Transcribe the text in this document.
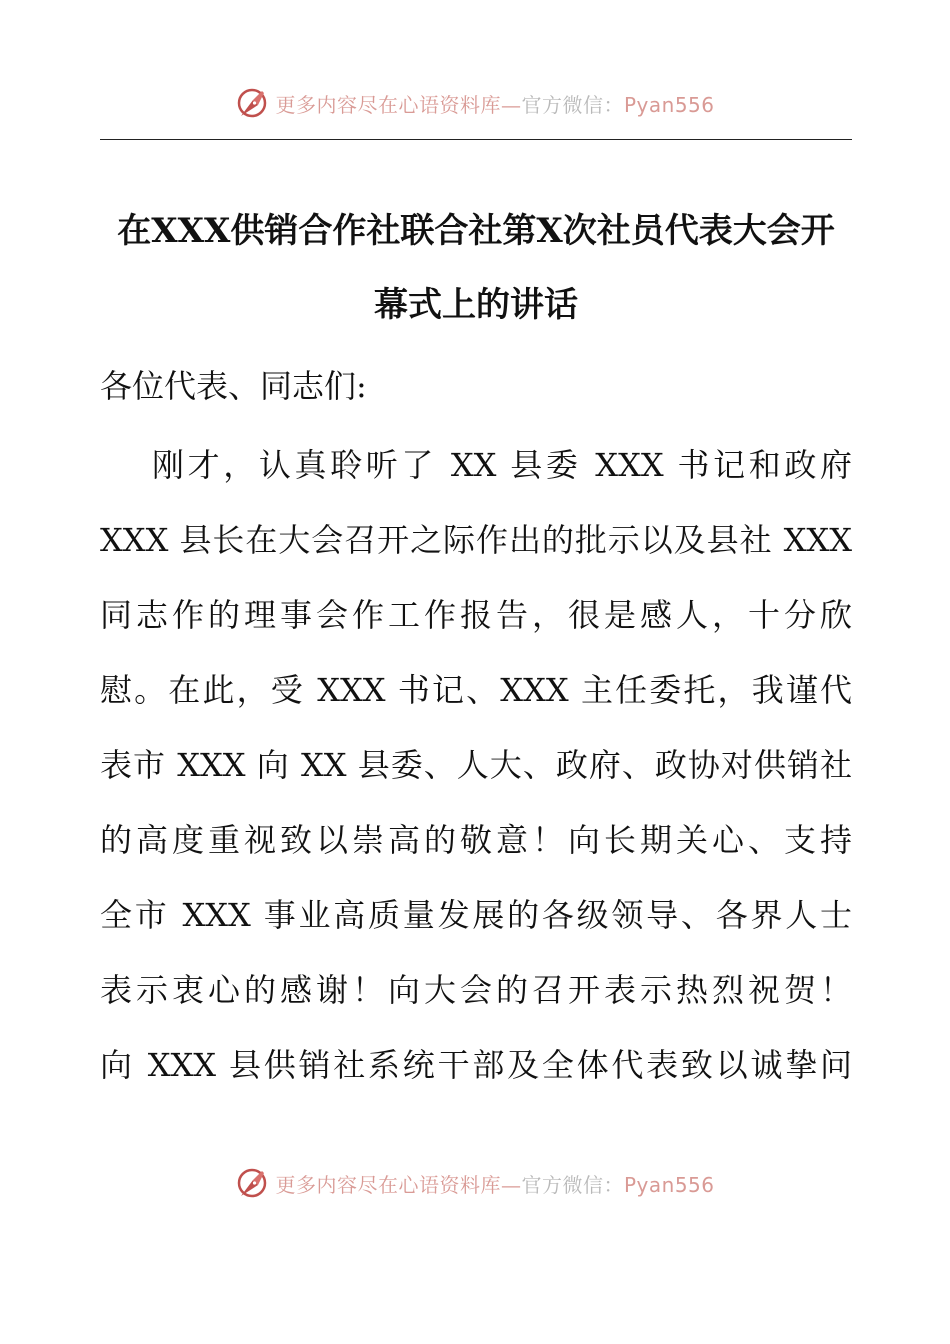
更多内容尽在心语资料库—官方微信：Pyan556
在XXX供销合作社联合社第X次社员代表大会开
幕式上的讲话
各位代表、同志们:
刚才，认真聆听了 XX 县委 XXX 书记和政府
XXX 县长在大会召开之际作出的批示以及县社 XXX
同志作的理事会作工作报告，很是感人，十分欣
慰。在此，受 XXX 书记、XXX 主任委托，我谨代
表市 XXX 向 XX 县委、人大、政府、政协对供销社
的高度重视致以崇高的敬意！向长期关心、支持
全市 XXX 事业高质量发展的各级领导、各界人士
表示衷心的感谢！向大会的召开表示热烈祝贺！
向 XXX 县供销社系统干部及全体代表致以诚挚问
更多内容尽在心语资料库—官方微信：Pyan556
